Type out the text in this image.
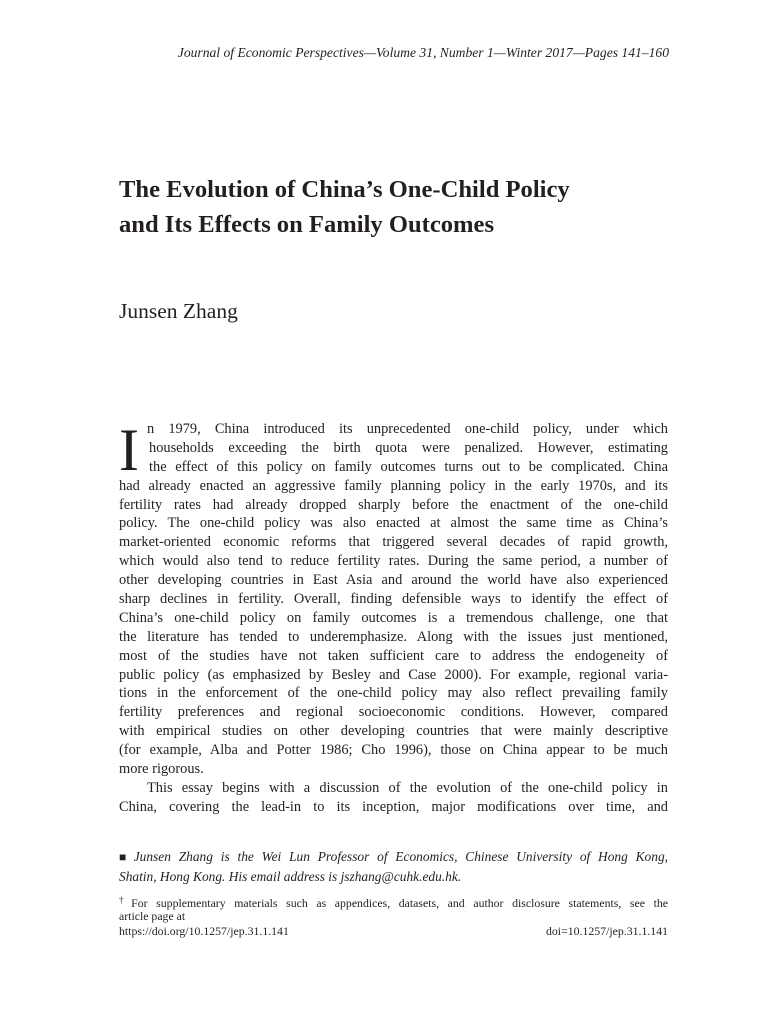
Journal of Economic Perspectives—Volume 31, Number 1—Winter 2017—Pages 141–160
The Evolution of China’s One-Child Policy
and Its Effects on Family Outcomes
Junsen Zhang
I n 1979, China introduced its unprecedented one-child policy, under which
households exceeding the birth quota were penalized. However, estimating
the effect of this policy on family outcomes turns out to be complicated. China
had already enacted an aggressive family planning policy in the early 1970s, and its
fertility rates had already dropped sharply before the enactment of the one-child
policy. The one-child policy was also enacted at almost the same time as China’s
market-oriented economic reforms that triggered several decades of rapid growth,
which would also tend to reduce fertility rates. During the same period, a number of
other developing countries in East Asia and around the world have also experienced
sharp declines in fertility. Overall, finding defensible ways to identify the effect of
China’s one-child policy on family outcomes is a tremendous challenge, one that
the literature has tended to underemphasize. Along with the issues just mentioned,
most of the studies have not taken sufficient care to address the endogeneity of
public policy (as emphasized by Besley and Case 2000). For example, regional varia-
tions in the enforcement of the one-child policy may also reflect prevailing family
fertility preferences and regional socioeconomic conditions. However, compared
with empirical studies on other developing countries that were mainly descriptive
(for example, Alba and Potter 1986; Cho 1996), those on China appear to be much
more rigorous.
This essay begins with a discussion of the evolution of the one-child policy in
China, covering the lead-in to its inception, major modifications over time, and
■ Junsen Zhang is the Wei Lun Professor of Economics, Chinese University of Hong Kong,
Shatin, Hong Kong. His email address is jszhang@cuhk.edu.hk.
† For supplementary materials such as appendices, datasets, and author disclosure statements, see the
article page at
https://doi.org/10.1257/jep.31.1.141	doi=10.1257/jep.31.1.141
